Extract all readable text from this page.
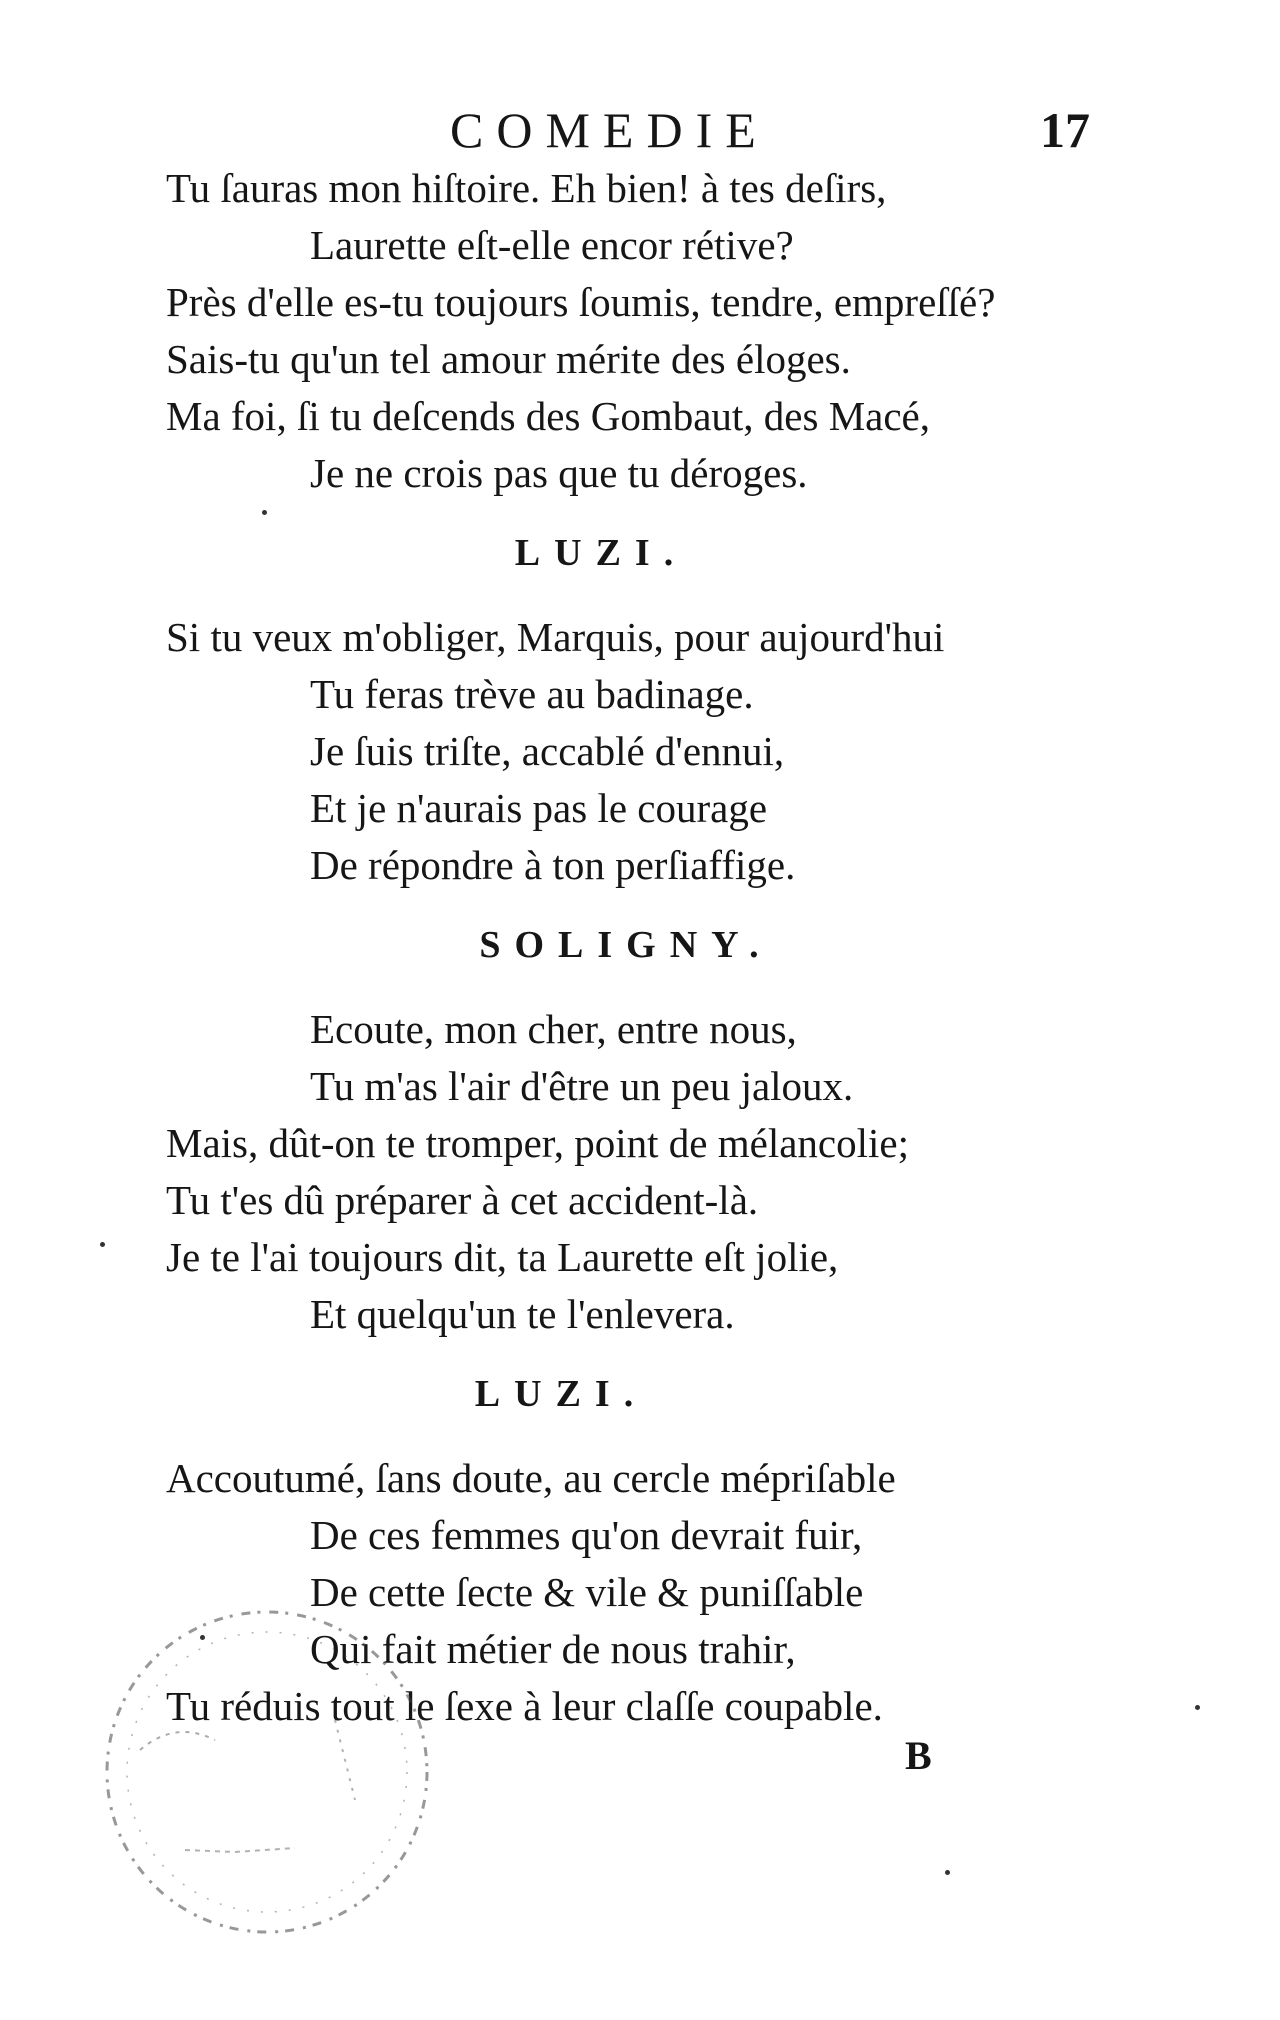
COMEDIE	17
Tu ſauras mon hiſtoire. Eh bien! à tes deſirs,
Laurette eſt-elle encor rétive?
Près d'elle es-tu toujours ſoumis, tendre, empreſſé?
Sais-tu qu'un tel amour mérite des éloges.
Ma foi, ſi tu deſcends des Gombaut, des Macé,
Je ne crois pas que tu déroges.
LUZI.
Si tu veux m'obliger, Marquis, pour aujourd'hui
Tu feras trève au badinage.
Je ſuis triſte, accablé d'ennui,
Et je n'aurais pas le courage
De répondre à ton perſiaffige.
SOLIGNY.
Ecoute, mon cher, entre nous,
Tu m'as l'air d'être un peu jaloux.
Mais, dût-on te tromper, point de mélancolie;
Tu t'es dû préparer à cet accident-là.
Je te l'ai toujours dit, ta Laurette eſt jolie,
Et quelqu'un te l'enlevera.
LUZI.
Accoutumé, ſans doute, au cercle mépriſable
De ces femmes qu'on devrait fuir,
De cette ſecte & vile & puniſſable
Qui fait métier de nous trahir,
Tu réduis tout le ſexe à leur claſſe coupable.
B
